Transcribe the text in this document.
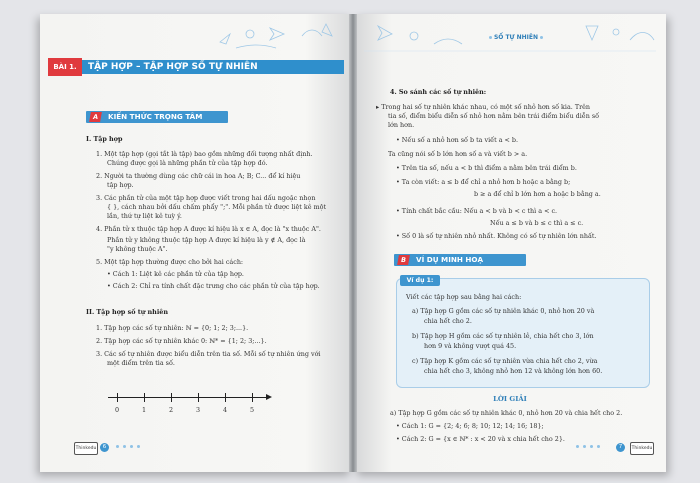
BÀI 1.	TẬP HỢP – TẬP HỢP SỐ TỰ NHIÊN
A	KIẾN THỨC TRỌNG TÂM
I. Tập hợp
1. Một tập hợp (gọi tắt là tập) bao gồm những đối tượng nhất định.
Chúng được gọi là những phần tử của tập hợp đó.
2. Người ta thường dùng các chữ cái in hoa A; B; C... để kí hiệu
tập hợp.
3. Các phần tử của một tập hợp được viết trong hai dấu ngoặc nhọn
{ }, cách nhau bởi dấu chấm phẩy ";". Mỗi phần tử được liệt kê một
lần, thứ tự liệt kê tuỳ ý.
4. Phần tử x thuộc tập hợp A được kí hiệu là x ∈ A, đọc là "x thuộc A".
Phần tử y không thuộc tập hợp A được kí hiệu là y ∉ A, đọc là
"y không thuộc A".
5. Một tập hợp thường được cho bởi hai cách:
• Cách 1: Liệt kê các phần tử của tập hợp.
• Cách 2: Chỉ ra tính chất đặc trưng cho các phần tử của tập hợp.
II. Tập hợp số tự nhiên
1. Tập hợp các số tự nhiên: ℕ = {0; 1; 2; 3;...}.
2. Tập hợp các số tự nhiên khác 0: ℕ* = {1; 2; 3;...}.
3. Các số tự nhiên được biểu diễn trên tia số. Mỗi số tự nhiên ứng với
một điểm trên tia số.
0	1	2	3	4	5
Thinkedu	6
SỐ TỰ NHIÊN
4. So sánh các số tự nhiên:
▸ Trong hai số tự nhiên khác nhau, có một số nhỏ hơn số kia. Trên
tia số, điểm biểu diễn số nhỏ hơn nằm bên trái điểm biểu diễn số
lớn hơn.
• Nếu số a nhỏ hơn số b ta viết a < b.
Ta cũng nói số b lớn hơn số a và viết b > a.
• Trên tia số, nếu a < b thì điểm a nằm bên trái điểm b.
• Ta còn viết: a ≤ b để chỉ a nhỏ hơn b hoặc a bằng b;
b ≥ a để chỉ b lớn hơn a hoặc b bằng a.
• Tính chất bắc cầu: Nếu a < b và b < c thì a < c.
Nếu a ≤ b và b ≤ c thì a ≤ c.
• Số 0 là số tự nhiên nhỏ nhất. Không có số tự nhiên lớn nhất.
B	VÍ DỤ MINH HOẠ
Ví dụ 1:
Viết các tập hợp sau bằng hai cách:
a) Tập hợp G gồm các số tự nhiên khác 0, nhỏ hơn 20 và
chia hết cho 2.
b) Tập hợp H gồm các số tự nhiên lẻ, chia hết cho 3, lớn
hơn 9 và không vượt quá 45.
c) Tập hợp K gồm các số tự nhiên vừa chia hết cho 2, vừa
chia hết cho 3, không nhỏ hơn 12 và không lớn hơn 60.
LỜI GIẢI
a) Tập hợp G gồm các số tự nhiên khác 0, nhỏ hơn 20 và chia hết cho 2.
• Cách 1: G = {2; 4; 6; 8; 10; 12; 14; 16; 18};
• Cách 2: G = {x ∈ ℕ* : x < 20 và x chia hết cho 2}.
7	Thinkedu
